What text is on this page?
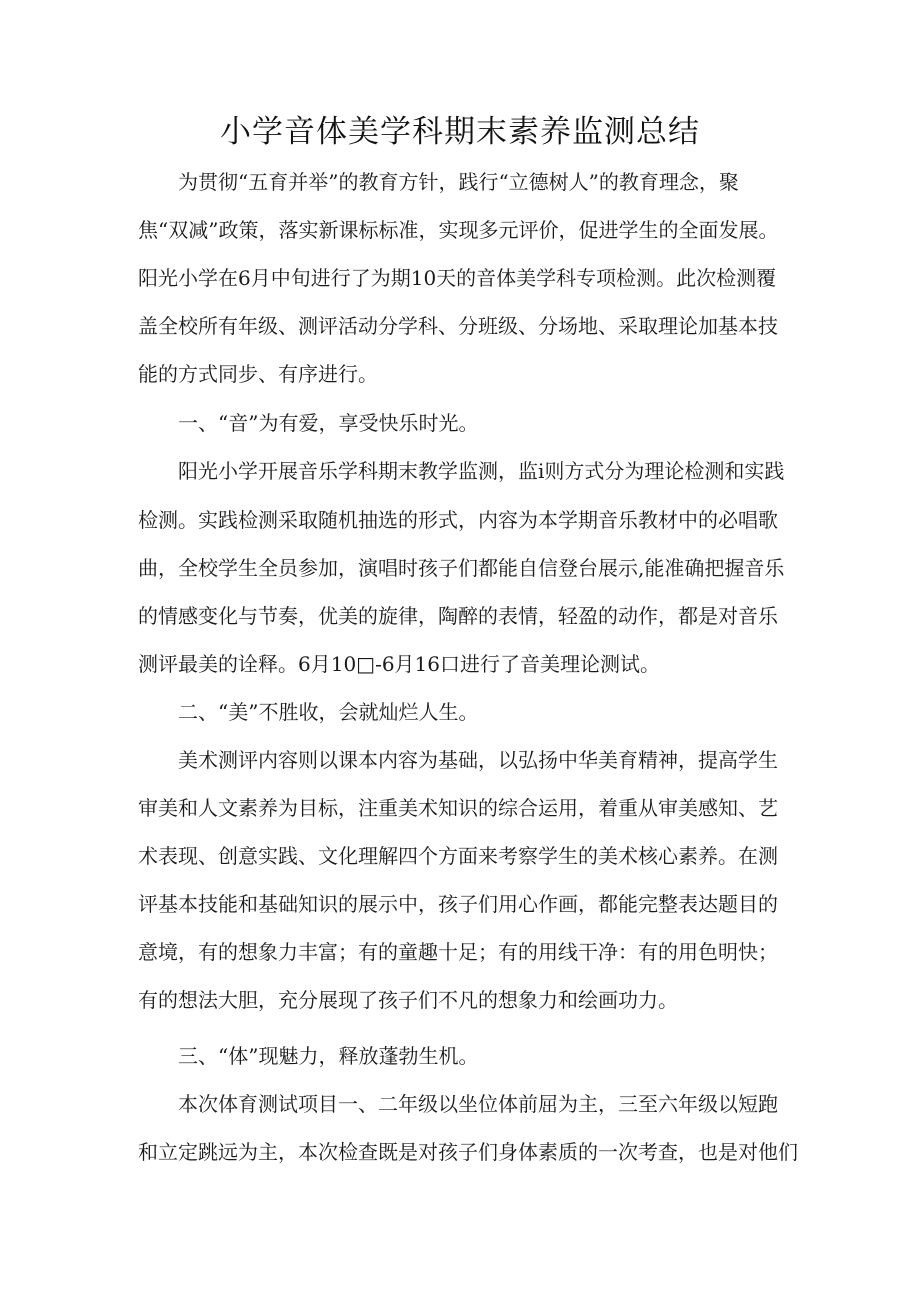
小学音体美学科期末素养监测总结
为贯彻“五育并举”的教育方针，践行“立德树人”的教育理念，聚
焦“双减”政策，落实新课标标准，实现多元评价，促进学生的全面发展。
阳光小学在6月中旬进行了为期10天的音体美学科专项检测。此次检测覆
盖全校所有年级、测评活动分学科、分班级、分场地、采取理论加基本技
能的方式同步、有序进行。
一、“音”为有爱，享受快乐时光。
阳光小学开展音乐学科期末教学监测，监i则方式分为理论检测和实践
检测。实践检测采取随机抽选的形式，内容为本学期音乐教材中的必唱歌
曲，全校学生全员参加，演唱时孩子们都能自信登台展示,能准确把握音乐
的情感变化与节奏，优美的旋律，陶醉的表情，轻盈的动作，都是对音乐
测评最美的诠释。6月10□-6月16口进行了音美理论测试。
二、“美”不胜收，会就灿烂人生。
美术测评内容则以课本内容为基础，以弘扬中华美育精神，提高学生
审美和人文素养为目标，注重美术知识的综合运用，着重从审美感知、艺
术表现、创意实践、文化理解四个方面来考察学生的美术核心素养。在测
评基本技能和基础知识的展示中，孩子们用心作画，都能完整表达题目的
意境，有的想象力丰富；有的童趣十足；有的用线干净：有的用色明快；
有的想法大胆，充分展现了孩子们不凡的想象力和绘画功力。
三、“体”现魅力，释放蓬勃生机。
本次体育测试项目一、二年级以坐位体前屈为主，三至六年级以短跑
和立定跳远为主，本次检查既是对孩子们身体素质的一次考查，也是对他们
